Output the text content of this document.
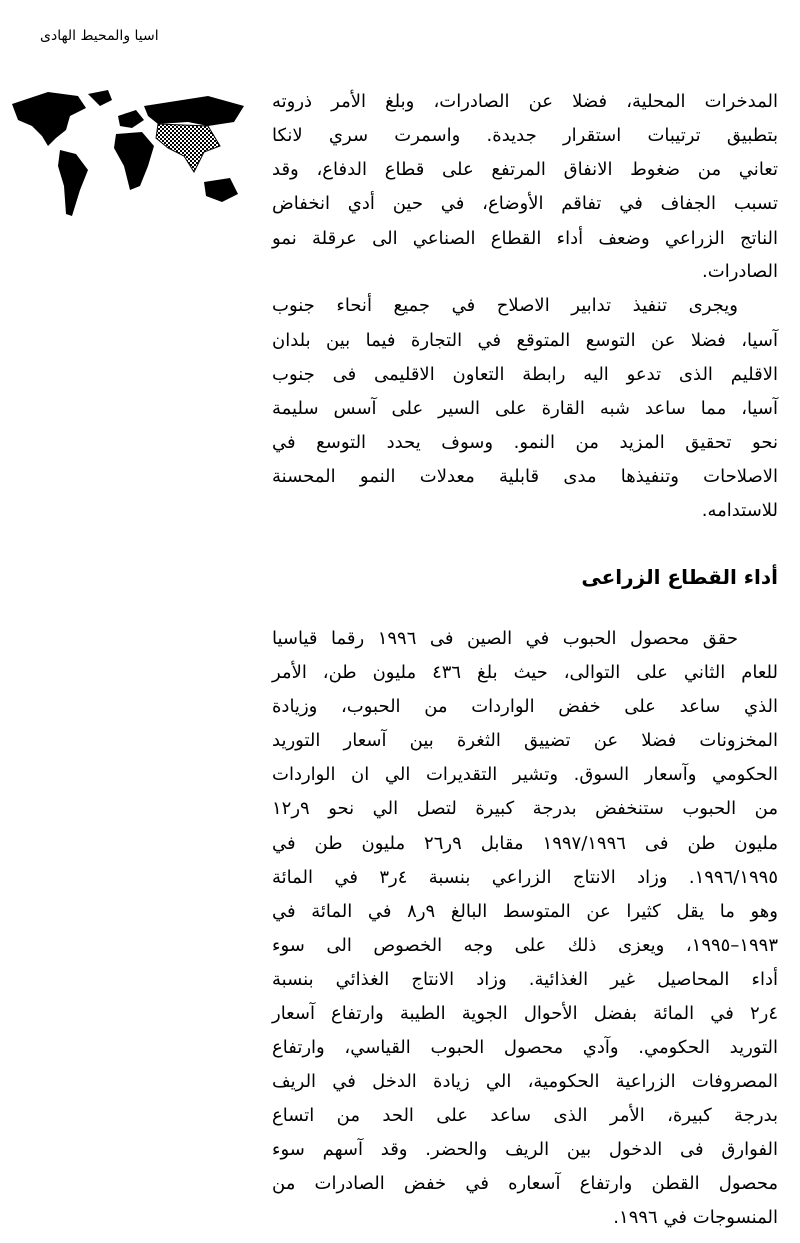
اسيا والمحيط الهادى
المدخرات المحلية، فضلا عن الصادرات، وبلغ الأمر ذروته
بتطبيق ترتيبات استقرار جديدة. واسمرت سري لانكا
تعاني من ضغوط الانفاق المرتفع على قطاع الدفاع، وقد
تسبب الجفاف في تفاقم الأوضاع، في حين أدي انخفاض
الناتج الزراعي وضعف أداء القطاع الصناعي الى عرقلة نمو
الصادرات.
ويجرى تنفيذ تدابير الاصلاح في جميع أنحاء جنوب
آسيا، فضلا عن التوسع المتوقع في التجارة فيما بين بلدان
الاقليم الذى تدعو اليه رابطة التعاون الاقليمى فى جنوب
آسيا، مما ساعد شبه القارة على السير على آسس سليمة
نحو تحقيق المزيد من النمو. وسوف يحدد التوسع في
الاصلاحات وتنفيذها مدى قابلية معدلات النمو المحسنة
للاستدامه.
أداء القطاع الزراعى
حقق محصول الحبوب في الصين فى ١٩٩٦ رقما قياسيا
للعام الثاني على التوالى، حيث بلغ ٤٣٦ مليون طن، الأمر
الذي ساعد على خفض الواردات من الحبوب، وزيادة
المخزونات فضلا عن تضييق الثغرة بين آسعار التوريد
الحكومي وآسعار السوق. وتشير التقديرات الي ان الواردات
من الحبوب ستنخفض بدرجة كبيرة لتصل الي نحو ٩ر١٢
مليون طن فى ١٩٩٧/١٩٩٦ مقابل ٩ر٢٦ مليون طن في
١٩٩٦/١٩٩٥. وزاد الانتاج الزراعي بنسبة ٤ر٣ في المائة
وهو ما يقل كثيرا عن المتوسط البالغ ٩ر٨ في المائة في
١٩٩٣–١٩٩٥، ويعزى ذلك على وجه الخصوص الى سوء
أداء المحاصيل غير الغذائية. وزاد الانتاج الغذائي بنسبة
٤ر٢ في المائة بفضل الأحوال الجوية الطيبة وارتفاع آسعار
التوريد الحكومي. وآدي محصول الحبوب القياسي، وارتفاع
المصروفات الزراعية الحكومية، الي زيادة الدخل في الريف
بدرجة كبيرة، الأمر الذى ساعد على الحد من اتساع
الفوارق فى الدخول بين الريف والحضر. وقد آسهم سوء
محصول القطن وارتفاع آسعاره في خفض الصادرات من
المنسوجات في ١٩٩٦.
